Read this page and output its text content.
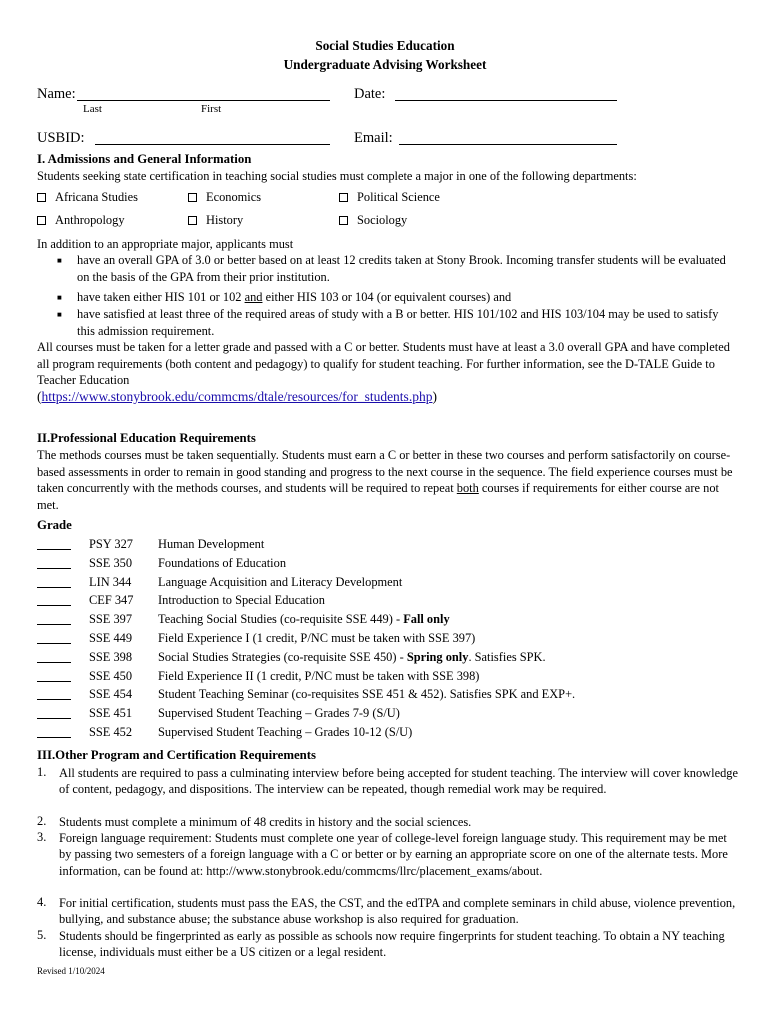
Social Studies Education
Undergraduate Advising Worksheet
Name:
Last	First
Date:
USBID:	Email:
I. Admissions and General Information
Students seeking state certification in teaching social studies must complete a major in one of the following departments:
Africana Studies	Economics	Political Science
Anthropology	History	Sociology
In addition to an appropriate major, applicants must
■ have an overall GPA of 3.0 or better based on at least 12 credits taken at Stony Brook. Incoming transfer students will be evaluated on the basis of the GPA from their prior institution.
■ have taken either HIS 101 or 102 and either HIS 103 or 104 (or equivalent courses) and
■ have satisfied at least three of the required areas of study with a B or better. HIS 101/102 and HIS 103/104 may be used to satisfy this admission requirement.
All courses must be taken for a letter grade and passed with a C or better. Students must have at least a 3.0 overall GPA and have completed all program requirements (both content and pedagogy) to qualify for student teaching. For further information, see the D-TALE Guide to Teacher Education
(https://www.stonybrook.edu/commcms/dtale/resources/for_students.php)
II.Professional Education Requirements
The methods courses must be taken sequentially. Students must earn a C or better in these two courses and perform satisfactorily on course-based assessments in order to remain in good standing and progress to the next course in the sequence. The field experience courses must be taken concurrently with the methods courses, and students will be required to repeat both courses if requirements for either course are not met.
Grade
PSY 327 Human Development
SSE 350 Foundations of Education
LIN 344 Language Acquisition and Literacy Development
CEF 347 Introduction to Special Education
SSE 397 Teaching Social Studies (co-requisite SSE 449) - Fall only
SSE 449 Field Experience I (1 credit, P/NC must be taken with SSE 397)
SSE 398 Social Studies Strategies (co-requisite SSE 450) - Spring only. Satisfies SPK.
SSE 450 Field Experience II (1 credit, P/NC must be taken with SSE 398)
SSE 454 Student Teaching Seminar (co-requisites SSE 451 & 452). Satisfies SPK and EXP+.
SSE 451 Supervised Student Teaching – Grades 7-9 (S/U)
SSE 452 Supervised Student Teaching – Grades 10-12 (S/U)
III.Other Program and Certification Requirements
1. All students are required to pass a culminating interview before being accepted for student teaching. The interview will cover knowledge of content, pedagogy, and dispositions. The interview can be repeated, though remedial work may be required.
2. Students must complete a minimum of 48 credits in history and the social sciences.
3. Foreign language requirement: Students must complete one year of college-level foreign language study. This requirement may be met by passing two semesters of a foreign language with a C or better or by earning an appropriate score on one of the alternate tests. More information, can be found at: http://www.stonybrook.edu/commcms/llrc/placement_exams/about.
4. For initial certification, students must pass the EAS, the CST, and the edTPA and complete seminars in child abuse, violence prevention, bullying, and substance abuse; the substance abuse workshop is also required for graduation.
5. Students should be fingerprinted as early as possible as schools now require fingerprints for student teaching. To obtain a NY teaching license, individuals must either be a US citizen or a legal resident.
Revised 1/10/2024
